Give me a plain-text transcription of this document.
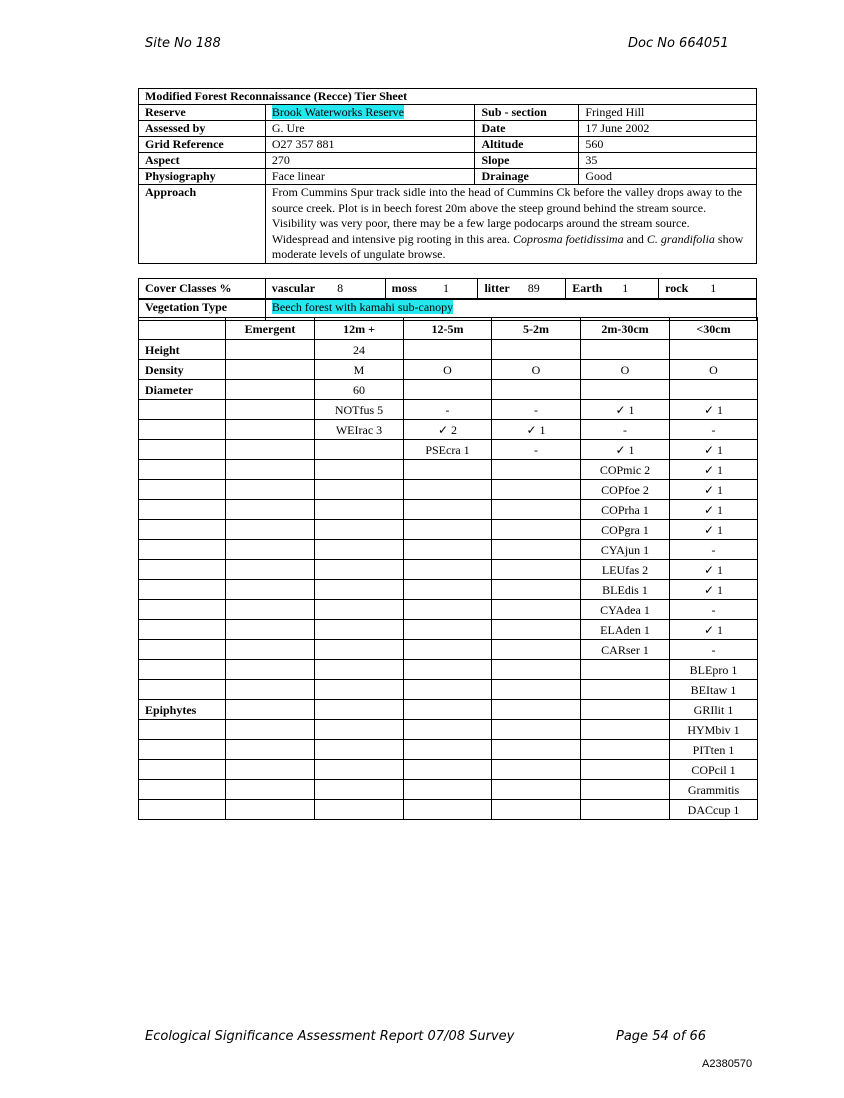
Site No 188	Doc No 664051
Modified Forest Reconnaissance (Recce) Tier Sheet			
Reserve	Brook Waterworks Reserve	Sub - section	Fringed Hill
Assessed by	G. Ure	Date	17 June 2002
Grid Reference	O27 357 881	Altitude	560
Aspect	270	Slope	35
Physiography	Face linear	Drainage	Good
Approach	From Cummins Spur track sidle into the head of Cummins Ck before the valley drops away to the source creek. Plot is in beech forest 20m above the steep ground behind the stream source. Visibility was very poor, there may be a few large podocarps around the stream source.
Widespread and intensive pig rooting in this area. Coprosma foetidissima and C. grandifolia show moderate levels of ungulate browse.		
Cover Classes %	vascular 8	moss 1	litter 89	Earth 1	rock 1
Vegetation Type	Beech forest with kamahi sub-canopy
	Emergent	12m +	12-5m	5-2m	2m-30cm	<30cm
Height		24				
Density		M	O	O	O	O
Diameter		60				
		NOTfus 5	-	-	✓ 1	✓ 1
		WEIrac 3	✓ 2	✓ 1	-	-
			PSEcra 1	-	✓ 1	✓ 1
					COPmic 2	✓ 1
					COPfoe 2	✓ 1
					COPrha 1	✓ 1
					COPgra 1	✓ 1
					CYAjun 1	-
					LEUfas 2	✓ 1
					BLEdis 1	✓ 1
					CYAdea 1	-
					ELAden 1	✓ 1
					CARser 1	-
						BLEpro 1
						BEItaw 1
Epiphytes						GRIlit 1
						HYMbiv 1
						PITten 1
						COPcil 1
						Grammitis
						DACcup 1
Ecological Significance Assessment Report 07/08 Survey	Page 54 of 66
A2380570
